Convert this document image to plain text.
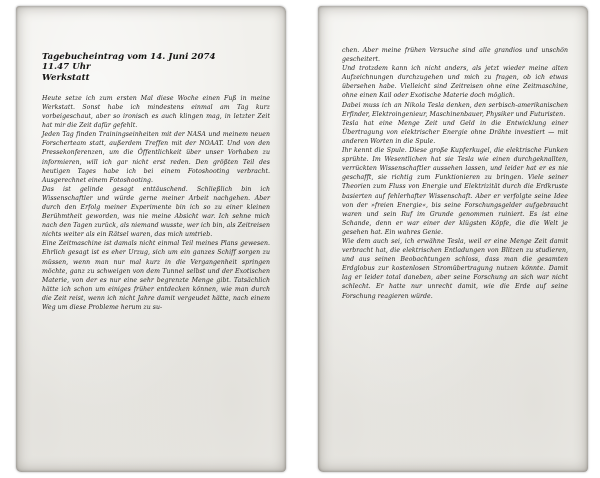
Tagebucheintrag vom 14. Juni 2074
11.47 Uhr
Werkstatt

Heute setze ich zum ersten Mal diese Woche einen Fuß in meine Werkstatt. Sonst habe ich mindestens einmal am Tag kurz vorbeigeschaut, aber so ironisch es auch klingen mag, in letzter Zeit hat mir die Zeit dafür gefehlt.

Jeden Tag finden Trainingseinheiten mit der NASA und meinem neuen Forscherteam statt, außerdem Treffen mit der NOAAT. Und von den Pressekonferenzen, um die Öffentlichkeit über unser Vorhaben zu informieren, will ich gar nicht erst reden. Den größten Teil des heutigen Tages habe ich bei einem Fotoshooting verbracht. Ausgerechnet einem Fotoshooting.

Das ist gelinde gesagt enttäuschend. Schließlich bin ich Wissenschaftler und würde gerne meiner Arbeit nachgehen. Aber durch den Erfolg meiner Experimente bin ich so zu einer kleinen Berühmtheit geworden, was nie meine Absicht war. Ich sehne mich nach den Tagen zurück, als niemand wusste, wer ich bin, als Zeitreisen nichts weiter als ein Rätsel waren, das mich umtrieb.

Eine Zeitmaschine ist damals nicht einmal Teil meines Plans gewesen. Ehrlich gesagt ist es eher Urzug, sich um ein ganzes Schiff sorgen zu müssen, wenn man nur mal kurz in die Vergangenheit springen möchte, ganz zu schweigen von dem Tunnel selbst und der Exotischen Materie, von der es nur eine sehr begrenzte Menge gibt. Tatsächlich hätte ich schon um einiges früher entdecken können, wie man durch die Zeit reist, wenn ich nicht Jahre damit vergeudet hätte, nach einem Weg um diese Probleme herum zu su-

chen. Aber meine frühen Versuche sind alle grandios und unschön gescheitert.

Und trotzdem kann ich nicht anders, als jetzt wieder meine alten Aufzeichnungen durchzugehen und mich zu fragen, ob ich etwas übersehen habe. Vielleicht sind Zeitreisen ohne eine Zeitmaschine, ohne einen Kail oder Exotische Materie doch möglich.

Dabei muss ich an Nikola Tesla denken, den serbisch-amerikanischen Erfinder, Elektroingenieur, Maschinenbauer, Physiker und Futuristen.

Tesla hat eine Menge Zeit und Geld in die Entwicklung einer Übertragung von elektrischer Energie ohne Drähte investiert — mit anderen Worten in die Spule.

Ihr kennt die Spule. Diese große Kupferkugel, die elektrische Funken sprühte. Im Wesentlichen hat sie Tesla wie einen durchgeknallten, verrückten Wissenschaftler aussehen lassen, und leider hat er es nie geschafft, sie richtig zum Funktionieren zu bringen. Viele seiner Theorien zum Fluss von Energie und Elektrizität durch die Erdkruste basierten auf fehlerhafter Wissenschaft. Aber er verfolgte seine Idee von der »freien Energie«, bis seine Forschungsgelder aufgebraucht waren und sein Ruf im Grunde genommen ruiniert. Es ist eine Schande, denn er war einer der klügsten Köpfe, die die Welt je gesehen hat. Ein wahres Genie.

Wie dem auch sei, ich erwähne Tesla, weil er eine Menge Zeit damit verbracht hat, die elektrischen Entladungen von Blitzen zu studieren, und aus seinen Beobachtungen schloss, dass man die gesamten Erdglobus zur kostenlosen Stromübertragung nutzen könnte. Damit lag er leider total daneben, aber seine Forschung an sich war nicht schlecht. Er hatte nur unrecht damit, wie die Erde auf seine Forschung reagieren würde.
